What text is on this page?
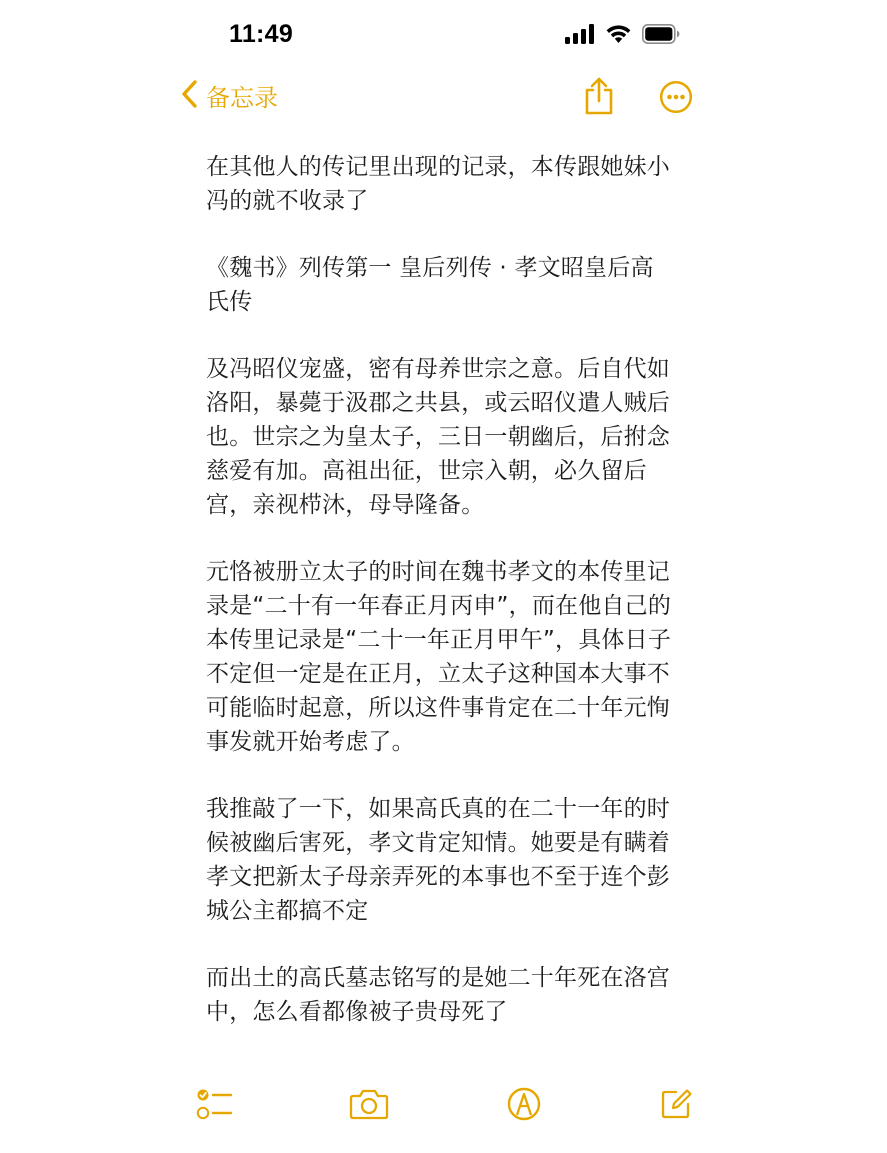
11:49
备忘录

在其他人的传记里出现的记录，本传跟她妹小冯的就不收录了

《魏书》列传第一 皇后列传 · 孝文昭皇后高氏传

及冯昭仪宠盛，密有母养世宗之意。后自代如洛阳，暴薨于汲郡之共县，或云昭仪遣人贼后也。世宗之为皇太子，三日一朝幽后，后拊念慈爱有加。高祖出征，世宗入朝，必久留后宫，亲视栉沐，母导隆备。

元恪被册立太子的时间在魏书孝文的本传里记录是“二十有一年春正月丙申”，而在他自己的本传里记录是“二十一年正月甲午”，具体日子不定但一定是在正月，立太子这种国本大事不可能临时起意，所以这件事肯定在二十年元恂事发就开始考虑了。

我推敲了一下，如果高氏真的在二十一年的时候被幽后害死，孝文肯定知情。她要是有瞒着孝文把新太子母亲弄死的本事也不至于连个彭城公主都搞不定

而出土的高氏墓志铭写的是她二十年死在洛宫中，怎么看都像被子贵母死了
